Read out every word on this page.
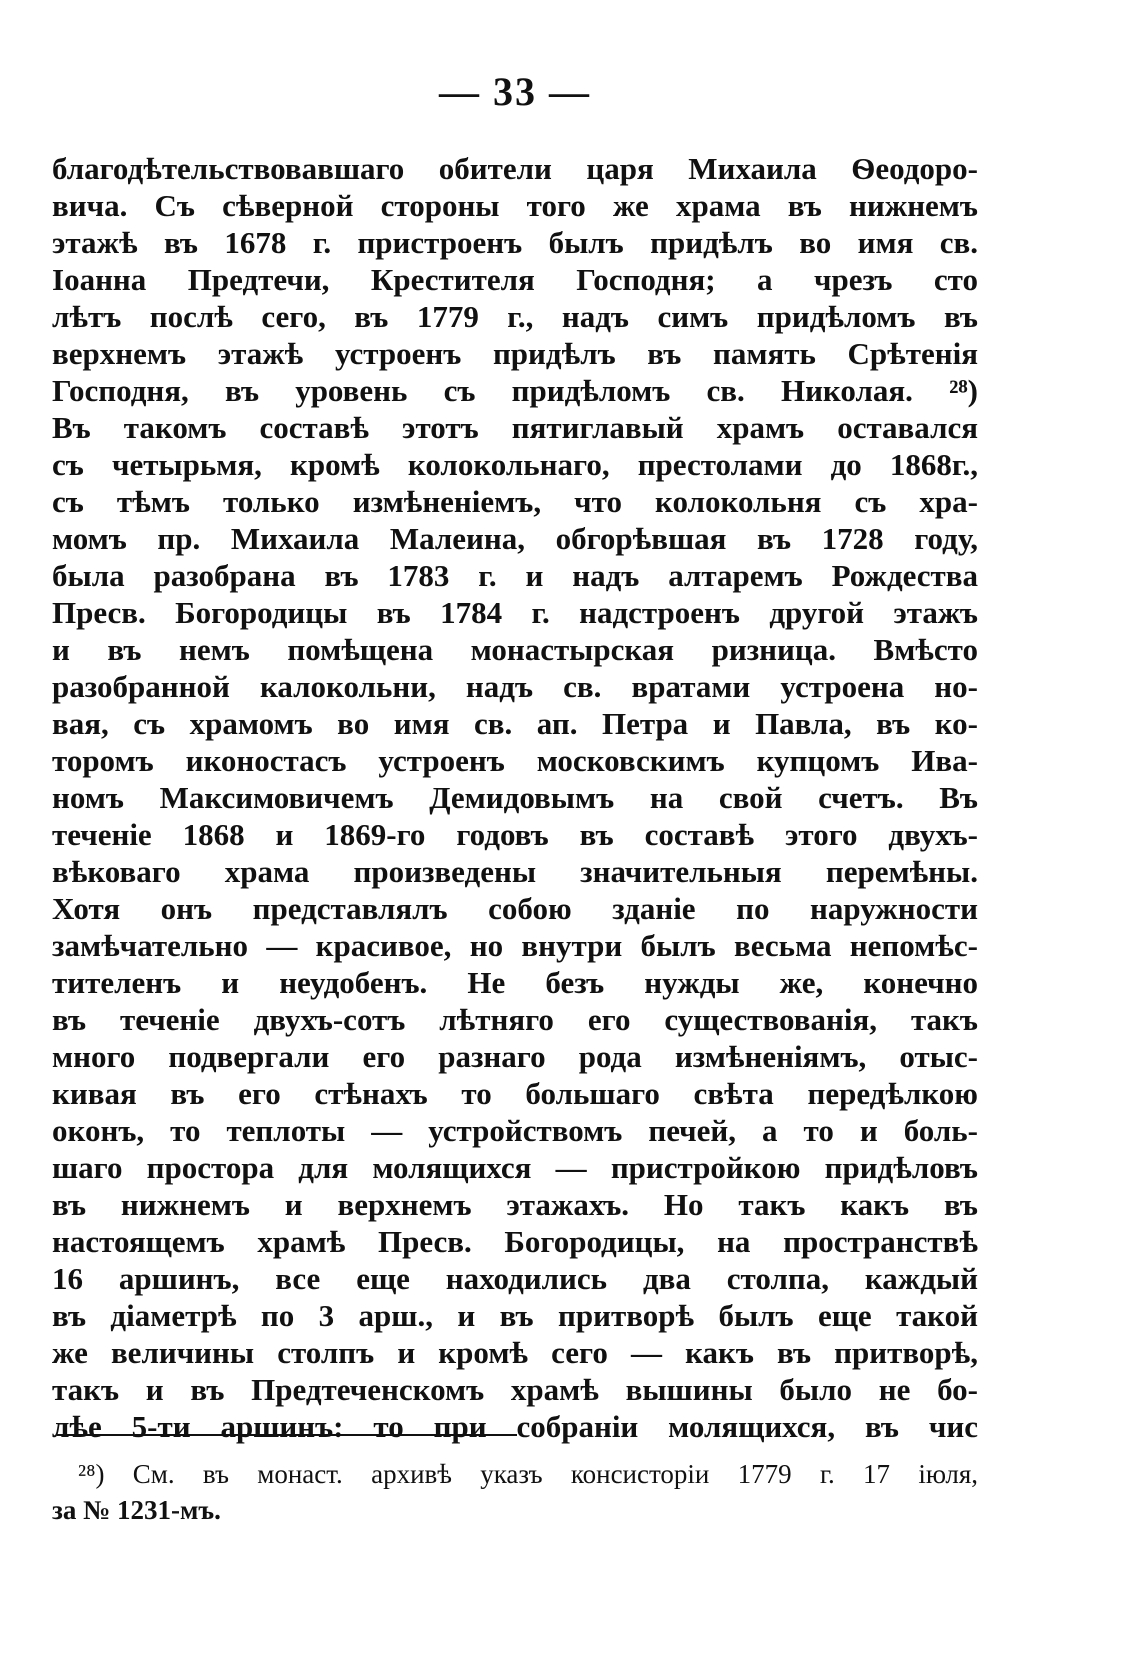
— 33 —
благодѣтельствовавшаго обители царя Михаила Ѳеодоро-
вича. Съ сѣверной стороны того же храма въ нижнемъ
этажѣ въ 1678 г. пристроенъ былъ придѣлъ во имя св.
Іоанна Предтечи, Крестителя Господня; а чрезъ сто
лѣтъ послѣ сего, въ 1779 г., надъ симъ придѣломъ въ
верхнемъ этажѣ устроенъ придѣлъ въ память Срѣтенія
Господня, въ уровень съ придѣломъ св. Николая. ²⁸)
Въ такомъ составѣ этотъ пятиглавый храмъ оставался
съ четырьмя, кромѣ колокольнаго, престолами до 1868г.,
съ тѣмъ только измѣненіемъ, что колокольня съ хра-
момъ пр. Михаила Малеина, обгорѣвшая въ 1728 году,
была разобрана въ 1783 г. и надъ алтаремъ Рождества
Пресв. Богородицы въ 1784 г. надстроенъ другой этажъ
и въ немъ помѣщена монастырская ризница. Вмѣсто
разобранной калокольни, надъ св. вратами устроена но-
вая, съ храмомъ во имя св. ап. Петра и Павла, въ ко-
торомъ иконостасъ устроенъ московскимъ купцомъ Ива-
номъ Максимовичемъ Демидовымъ на свой счетъ. Въ
теченіе 1868 и 1869-го годовъ въ составѣ этого двухъ-
вѣковаго храма произведены значительныя перемѣны.
Хотя онъ представлялъ собою зданіе по наружности
замѣчательно — красивое, но внутри былъ весьма непомѣс-
тителенъ и неудобенъ. Не безъ нужды же, конечно
въ теченіе двухъ-сотъ лѣтняго его существованія, такъ
много подвергали его разнаго рода измѣненіямъ, отыс-
кивая въ его стѣнахъ то большаго свѣта передѣлкою
оконъ, то теплоты — устройствомъ печей, а то и боль-
шаго простора для молящихся — пристройкою придѣловъ
въ нижнемъ и верхнемъ этажахъ. Но такъ какъ въ
настоящемъ храмѣ Пресв. Богородицы, на пространствѣ
16 аршинъ, все еще находились два столпа, каждый
въ діаметрѣ по 3 арш., и въ притворѣ былъ еще такой
же величины столпъ и кромѣ сего — какъ въ притворѣ,
такъ и въ Предтеченскомъ храмѣ вышины было не бо-
лѣе 5-ти аршинъ: то при собраніи молящихся, въ чис
²⁸) См. въ монаст. архивѣ указъ консисторіи 1779 г. 17 іюля,
за № 1231-мъ.
